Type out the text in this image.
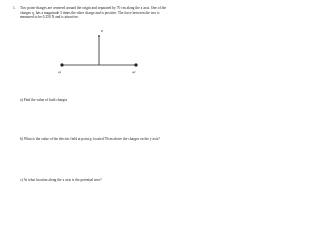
1. Two point-charges are centered around the origin and separated by 70 cm along the x axis. One of the charges q₁ has a magnitude 3 times the other charge and is positive. The force between the two is measured to be 0.250 N and is attractive.
P
q1	q2
a) Find the value of both charges
b) What is the value of the electric field at point p, located 70cm above the charges on the y axis?
c) At what location along the x axis is the potential zero?
